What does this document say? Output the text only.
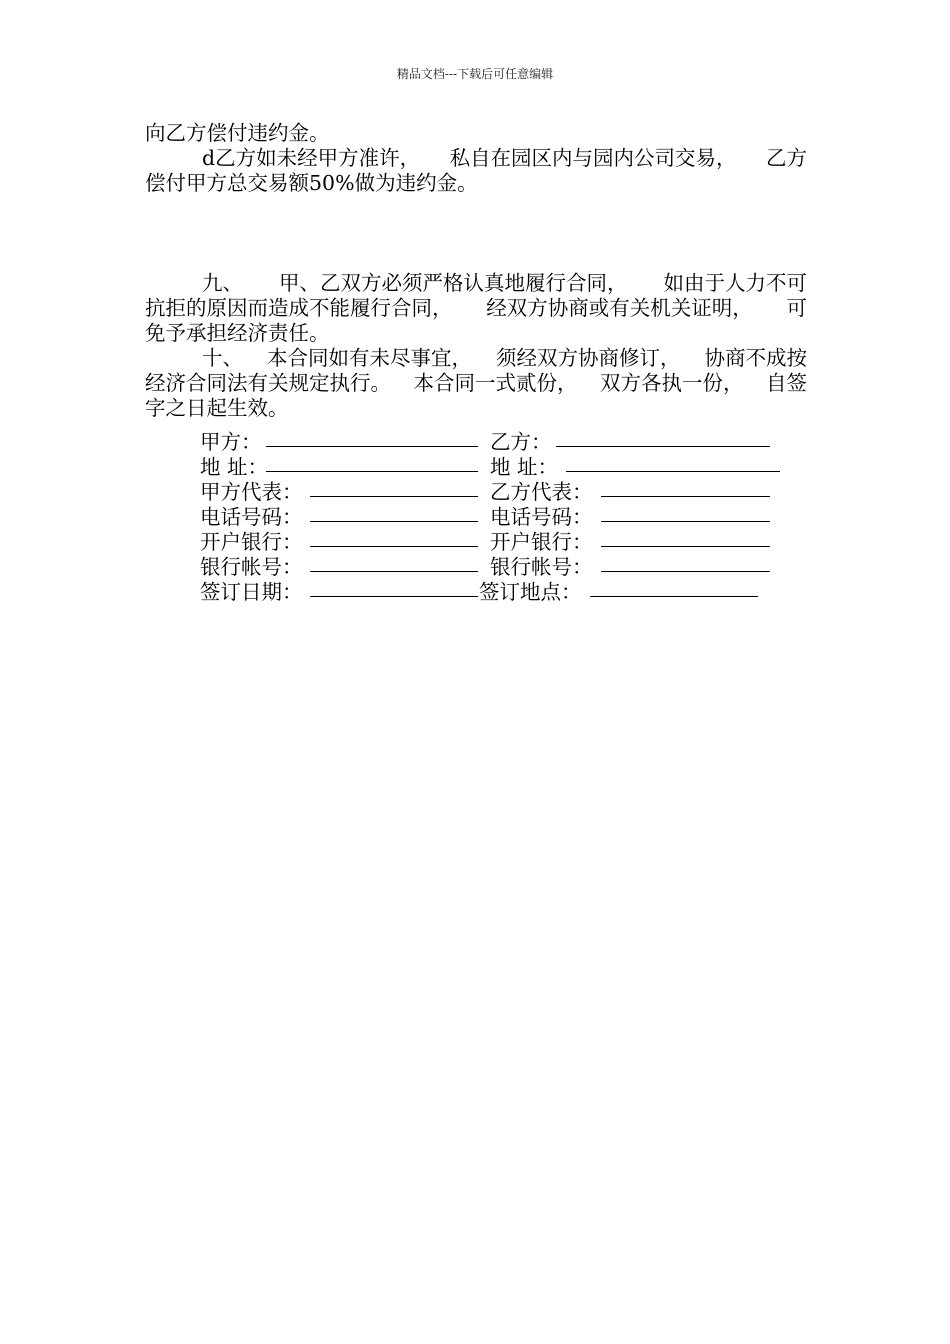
精品文档---下载后可任意编辑
向乙方偿付违约金。
d乙方如未经甲方准许， 私自在园区内与园内公司交易， 乙方
偿付甲方总交易额50%做为违约金。
九、 甲、乙双方必须严格认真地履行合同， 如由于人力不可
抗拒的原因而造成不能履行合同， 经双方协商或有关机关证明， 可
免予承担经济责任。
十、 本合同如有未尽事宜， 须经双方协商修订， 协商不成按
经济合同法有关规定执行。 本合同一式贰份， 双方各执一份， 自签
字之日起生效。
甲方：	乙方：
地 址：	地 址：
甲方代表：	乙方代表：
电话号码：	电话号码：
开户银行：	开户银行：
银行帐号：	银行帐号：
签订日期：	签订地点：
